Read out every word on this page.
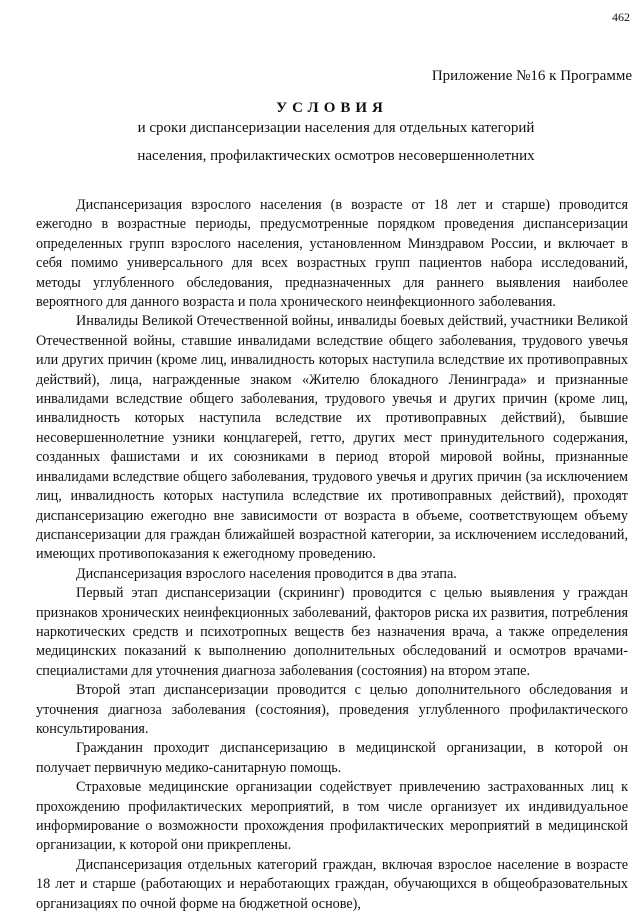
462
Приложение №16 к Программе
УСЛОВИЯ
и сроки диспансеризации населения для отдельных категорий
населения, профилактических осмотров несовершеннолетних

Диспансеризация взрослого населения (в возрасте от 18 лет и старше) проводится ежегодно в возрастные периоды, предусмотренные порядком проведения диспансеризации определенных групп взрослого населения, установленном Минздравом России, и включает в себя помимо универсального для всех возрастных групп пациентов набора исследований, методы углубленного обследования, предназначенных для раннего выявления наиболее вероятного для данного возраста и пола хронического неинфекционного заболевания.

Инвалиды Великой Отечественной войны, инвалиды боевых действий, участники Великой Отечественной войны, ставшие инвалидами вследствие общего заболевания, трудового увечья или других причин (кроме лиц, инвалидность которых наступила вследствие их противоправных действий), лица, награжденные знаком «Жителю блокадного Ленинграда» и признанные инвалидами вследствие общего заболевания, трудового увечья и других причин (кроме лиц, инвалидность которых наступила вследствие их противоправных действий), бывшие несовершеннолетние узники концлагерей, гетто, других мест принудительного содержания, созданных фашистами и их союзниками в период второй мировой войны, признанные инвалидами вследствие общего заболевания, трудового увечья и других причин (за исключением лиц, инвалидность которых наступила вследствие их противоправных действий), проходят диспансеризацию ежегодно вне зависимости от возраста в объеме, соответствующем объему диспансеризации для граждан ближайшей возрастной категории, за исключением исследований, имеющих противопоказания к ежегодному проведению.

Диспансеризация взрослого населения проводится в два этапа.

Первый этап диспансеризации (скрининг) проводится с целью выявления у граждан признаков хронических неинфекционных заболеваний, факторов риска их развития, потребления наркотических средств и психотропных веществ без назначения врача, а также определения медицинских показаний к выполнению дополнительных обследований и осмотров врачами- специалистами для уточнения диагноза заболевания (состояния) на втором этапе.

Второй этап диспансеризации проводится с целью дополнительного обследования и уточнения диагноза заболевания (состояния), проведения углубленного профилактического консультирования.

Гражданин проходит диспансеризацию в медицинской организации, в которой он получает первичную медико-санитарную помощь.

Страховые медицинские организации содействует привлечению застрахованных лиц к прохождению профилактических мероприятий, в том числе организует их индивидуальное информирование о возможности прохождения профилактических мероприятий в медицинской организации, к которой они прикреплены.

Диспансеризация отдельных категорий граждан, включая взрослое население в возрасте 18 лет и старше (работающих и неработающих граждан, обучающихся в общеобразовательных организациях по очной форме на бюджетной основе),
